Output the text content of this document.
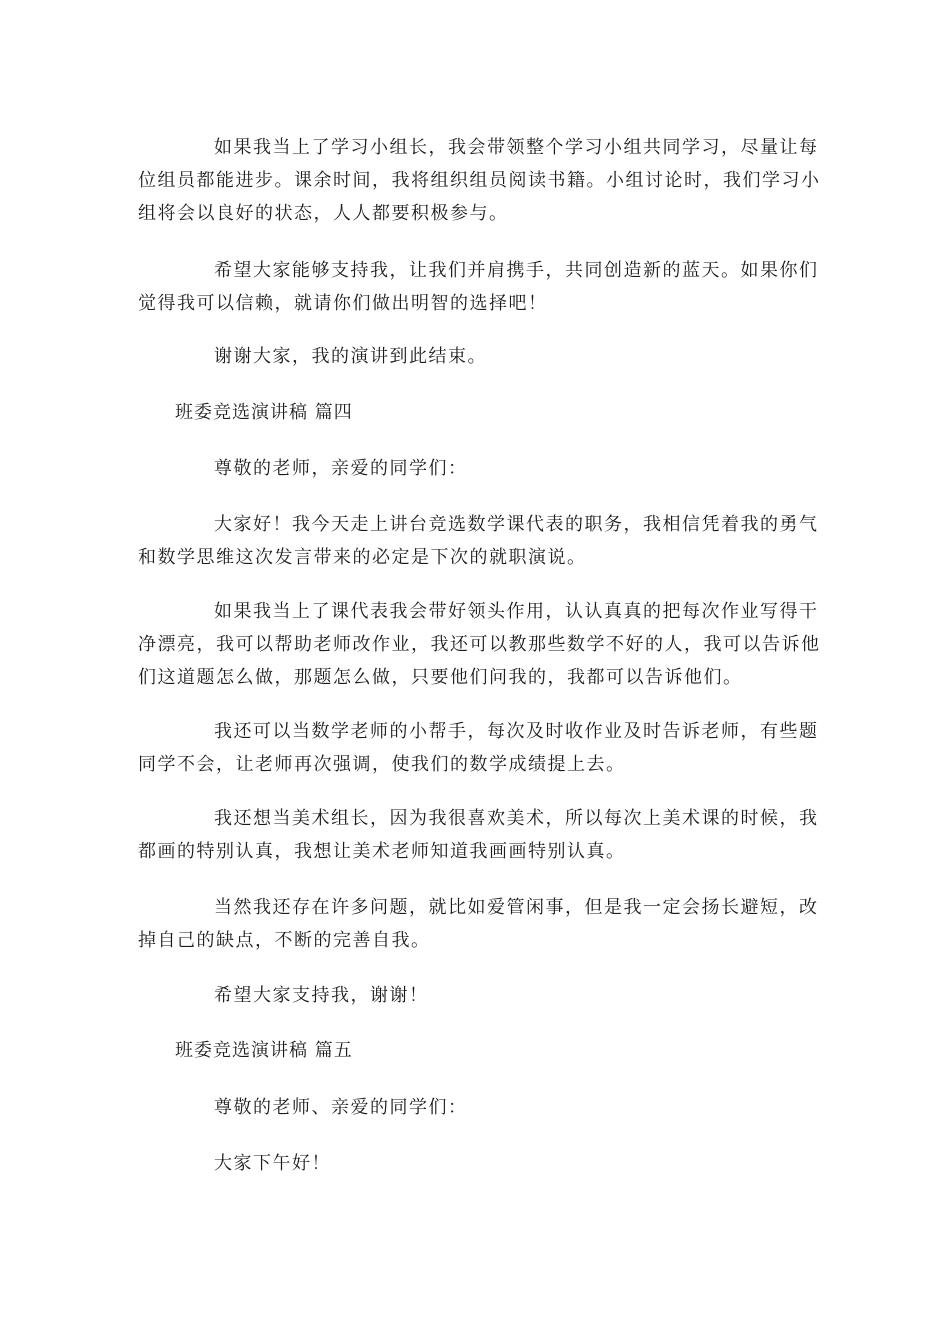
如果我当上了学习小组长，我会带领整个学习小组共同学习，尽量让每
位组员都能进步。课余时间，我将组织组员阅读书籍。小组讨论时，我们学习小
组将会以良好的状态，人人都要积极参与。

希望大家能够支持我，让我们并肩携手，共同创造新的蓝天。如果你们
觉得我可以信赖，就请你们做出明智的选择吧！

谢谢大家，我的演讲到此结束。

班委竞选演讲稿 篇四

尊敬的老师，亲爱的同学们：

大家好！我今天走上讲台竞选数学课代表的职务，我相信凭着我的勇气
和数学思维这次发言带来的必定是下次的就职演说。

如果我当上了课代表我会带好领头作用，认认真真的把每次作业写得干
净漂亮，我可以帮助老师改作业，我还可以教那些数学不好的人，我可以告诉他
们这道题怎么做，那题怎么做，只要他们问我的，我都可以告诉他们。

我还可以当数学老师的小帮手，每次及时收作业及时告诉老师，有些题
同学不会，让老师再次强调，使我们的数学成绩提上去。

我还想当美术组长，因为我很喜欢美术，所以每次上美术课的时候，我
都画的特别认真，我想让美术老师知道我画画特别认真。

当然我还存在许多问题，就比如爱管闲事，但是我一定会扬长避短，改
掉自己的缺点，不断的完善自我。

希望大家支持我，谢谢！

班委竞选演讲稿 篇五

尊敬的老师、亲爱的同学们：

大家下午好！
